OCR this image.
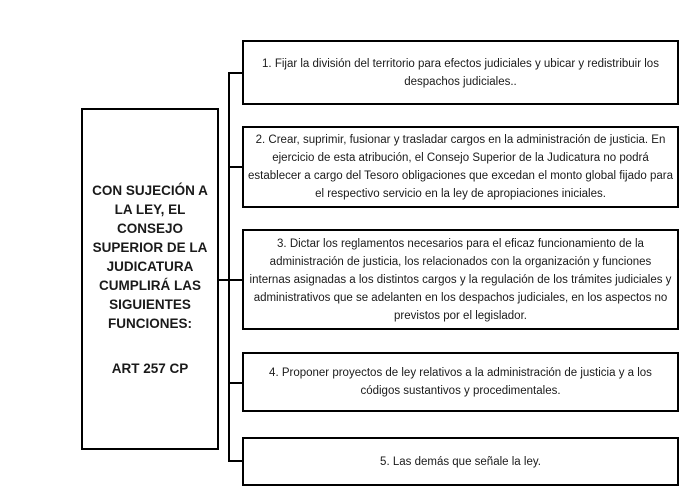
CON SUJECIÓN A LA LEY, EL CONSEJO SUPERIOR DE LA JUDICATURA CUMPLIRÁ LAS SIGUIENTES FUNCIONES:
ART 257 CP
1. Fijar la división del territorio para efectos judiciales y ubicar y redistribuir los despachos judiciales..
2. Crear, suprimir, fusionar y trasladar cargos en la administración de justicia. En ejercicio de esta atribución, el Consejo Superior de la Judicatura no podrá establecer a cargo del Tesoro obligaciones que excedan el monto global fijado para el respectivo servicio en la ley de apropiaciones iniciales.
3. Dictar los reglamentos necesarios para el eficaz funcionamiento de la administración de justicia, los relacionados con la organización y funciones internas asignadas a los distintos cargos y la regulación de los trámites judiciales y administrativos que se adelanten en los despachos judiciales, en los aspectos no previstos por el legislador.
4. Proponer proyectos de ley relativos a la administración de justicia y a los códigos sustantivos y procedimentales.
5. Las demás que señale la ley.
